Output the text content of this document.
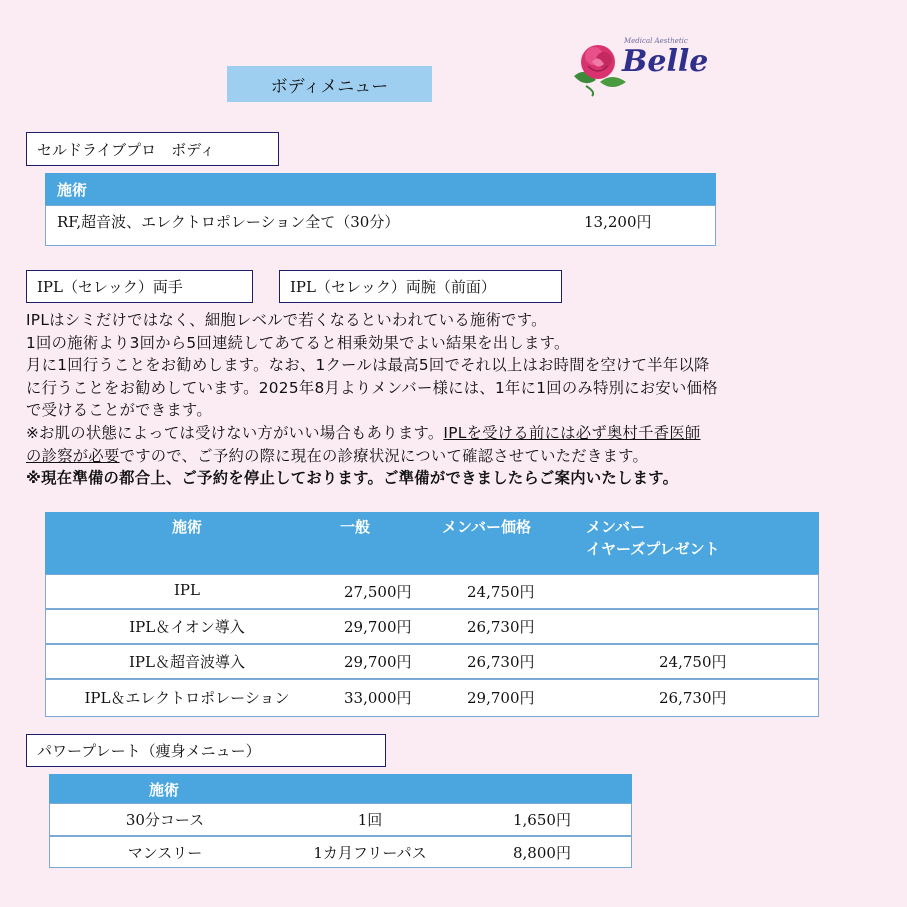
ボディメニュー
Medical Aesthetic
Belle
セルドライブプロ　ボディ
施術
RF,超音波、エレクトロポレーション全て（30分）	13,200円
IPL（セレック）両手	IPL（セレック）両腕（前面）
IPLはシミだけではなく、細胞レベルで若くなるといわれている施術です。
1回の施術より3回から5回連続してあてると相乗効果でよい結果を出します。
月に1回行うことをお勧めします。なお、1クールは最高5回でそれ以上はお時間を空けて半年以降
に行うことをお勧めしています。2025年8月よりメンバー様には、1年に1回のみ特別にお安い価格
で受けることができます。
※お肌の状態によっては受けない方がいい場合もあります。IPLを受ける前には必ず奥村千香医師
の診察が必要ですので、ご予約の際に現在の診療状況について確認させていただきます。
※現在準備の都合上、ご予約を停止しております。ご準備ができましたらご案内いたします。
施術	一般	メンバー価格	メンバー
イヤーズプレゼント
IPL	27,500円	24,750円
IPL＆イオン導入	29,700円	26,730円
IPL＆超音波導入	29,700円	26,730円	24,750円
IPL＆エレクトロポレーション	33,000円	29,700円	26,730円
パワープレート（痩身メニュー）
施術
30分コース	1回	1,650円
マンスリー	1カ月フリーパス	8,800円
